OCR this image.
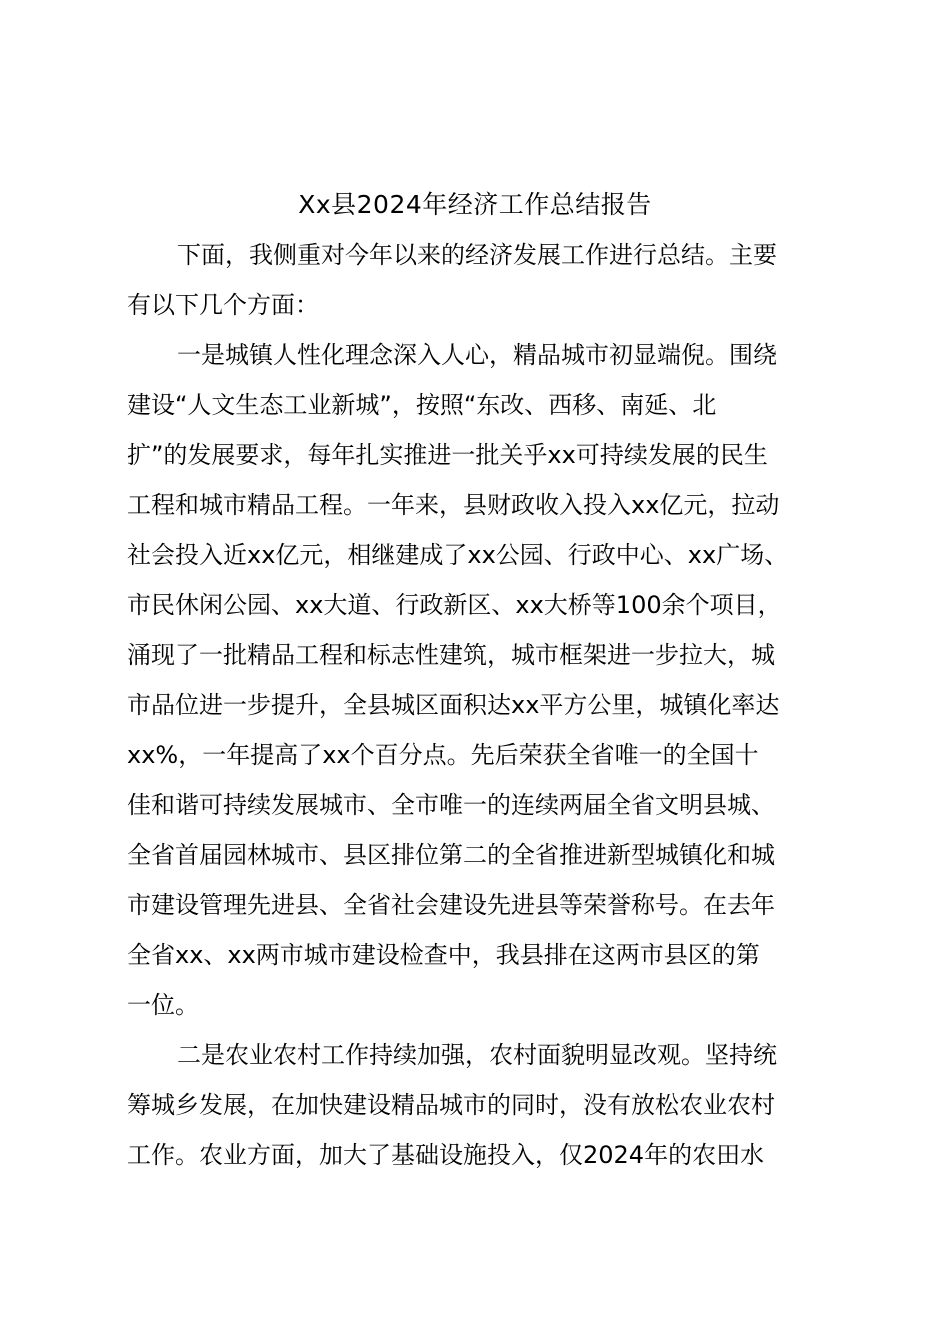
Xx县2024年经济工作总结报告
下面，我侧重对今年以来的经济发展工作进行总结。主要
有以下几个方面：
一是城镇人性化理念深入人心，精品城市初显端倪。围绕
建设“人文生态工业新城”，按照“东改、西移、南延、北
扩”的发展要求，每年扎实推进一批关乎xx可持续发展的民生
工程和城市精品工程。一年来，县财政收入投入xx亿元，拉动
社会投入近xx亿元，相继建成了xx公园、行政中心、xx广场、
市民休闲公园、xx大道、行政新区、xx大桥等100余个项目，
涌现了一批精品工程和标志性建筑，城市框架进一步拉大，城
市品位进一步提升，全县城区面积达xx平方公里，城镇化率达
xx%，一年提高了xx个百分点。先后荣获全省唯一的全国十
佳和谐可持续发展城市、全市唯一的连续两届全省文明县城、
全省首届园林城市、县区排位第二的全省推进新型城镇化和城
市建设管理先进县、全省社会建设先进县等荣誉称号。在去年
全省xx、xx两市城市建设检查中，我县排在这两市县区的第
一位。
二是农业农村工作持续加强，农村面貌明显改观。坚持统
筹城乡发展，在加快建设精品城市的同时，没有放松农业农村
工作。农业方面，加大了基础设施投入，仅2024年的农田水
